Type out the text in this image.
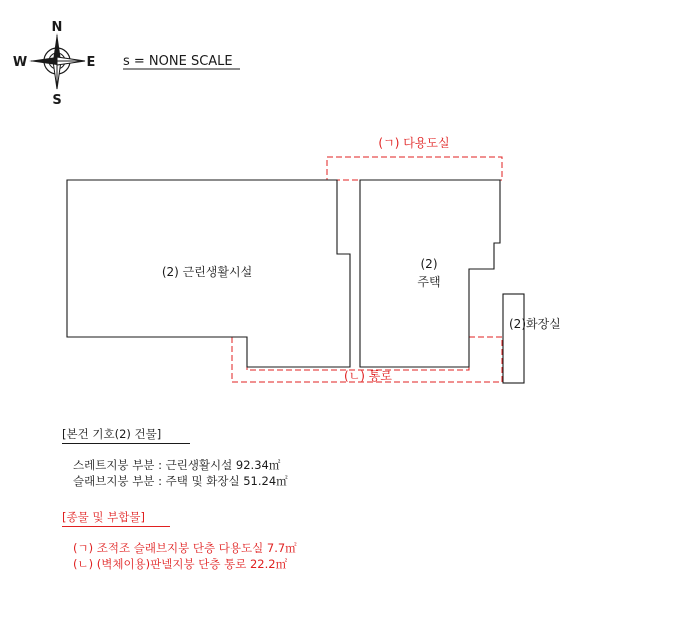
N
S
E
W	s = NONE SCALE
(ㄱ) 다용도실
(ㄴ) 통로
(2) 근린생활시설
(2)
주택
(2)화장실
[본건 기호(2) 건물]
스레트지붕 부분 : 근린생활시설 92.34㎡
슬래브지붕 부분 : 주택 및 화장실 51.24㎡
[종물 및 부합물]
(ㄱ) 조적조 슬래브지붕 단층 다용도실 7.7㎡
(ㄴ) (벽체이용)판넬지붕 단층 통로 22.2㎡
